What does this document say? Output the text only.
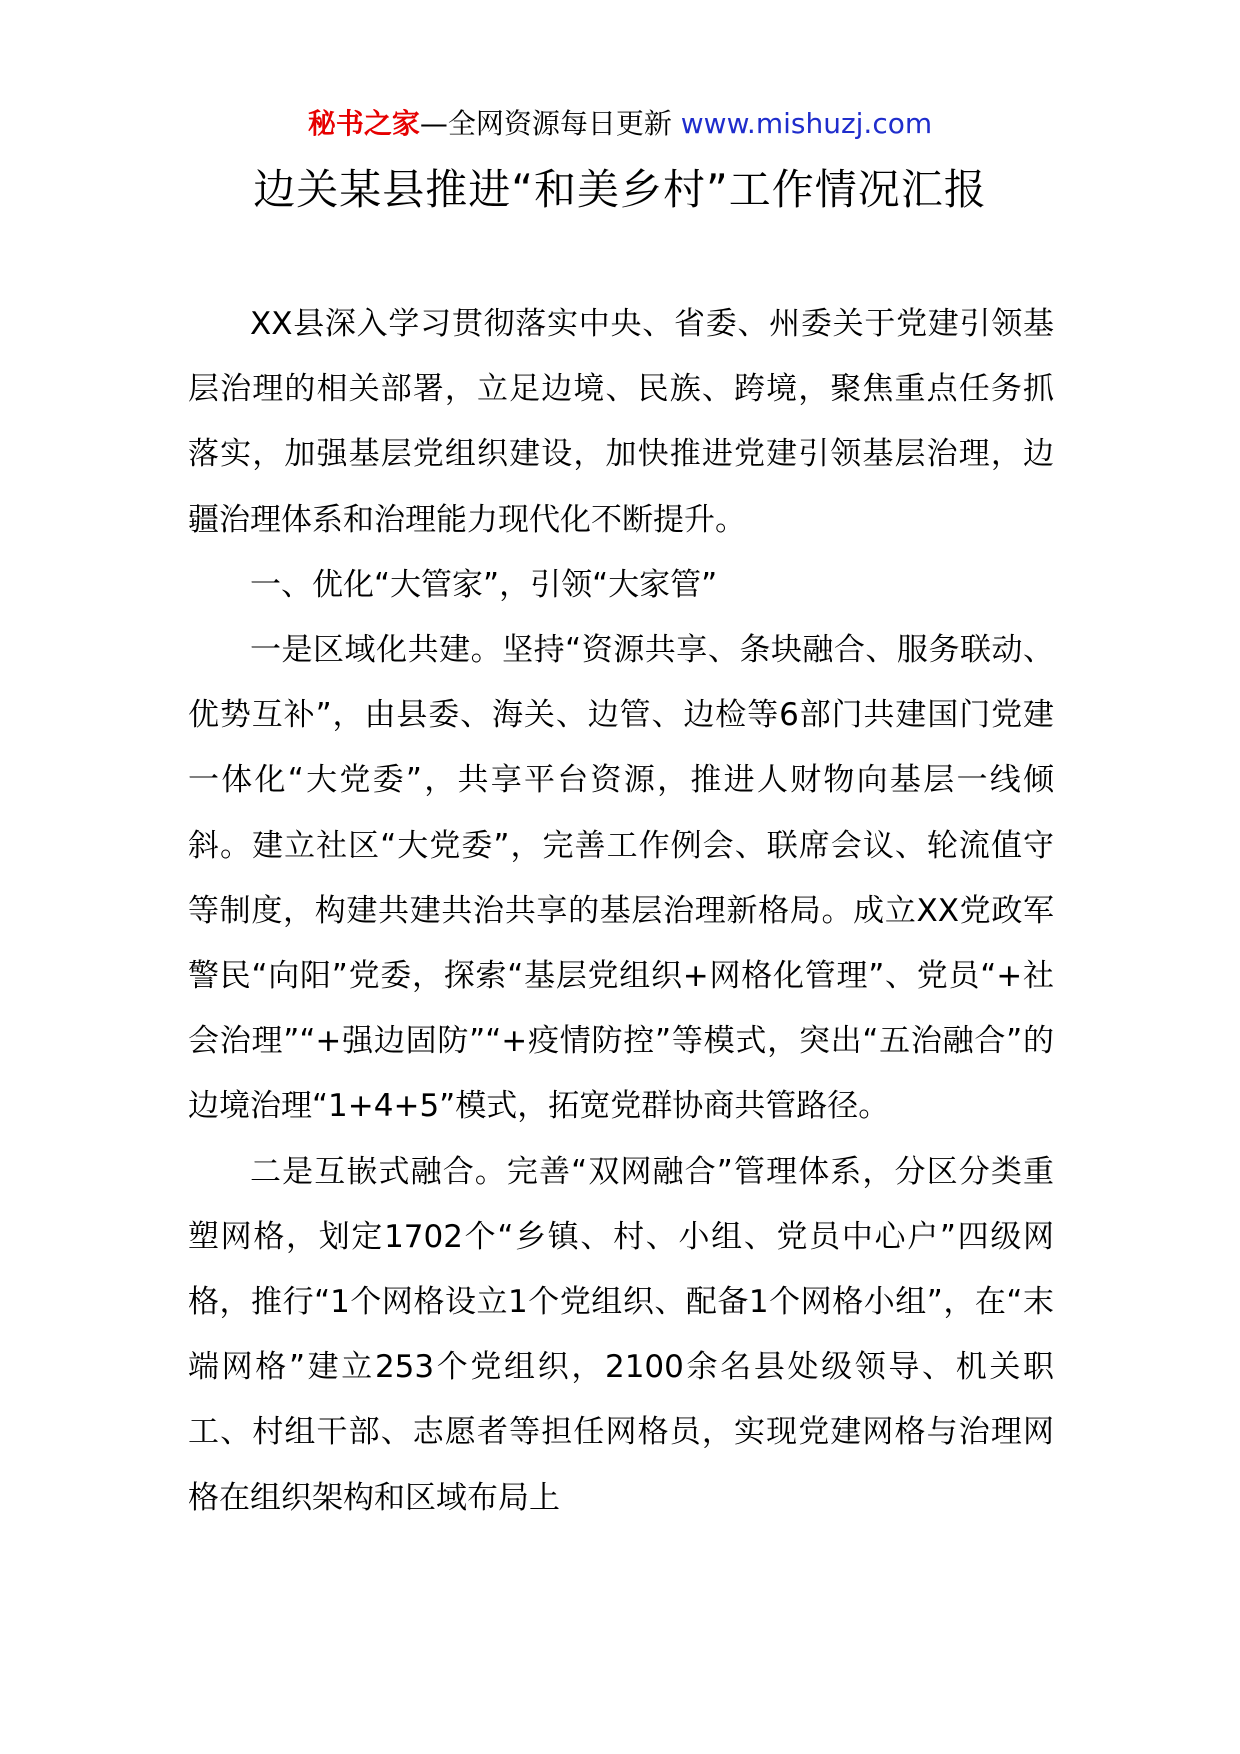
秘书之家—全网资源每日更新 www.mishuzj.com
边关某县推进“和美乡村”工作情况汇报

XX县深入学习贯彻落实中央、省委、州委关于党建引领基层治理的相关部署，立足边境、民族、跨境，聚焦重点任务抓落实，加强基层党组织建设，加快推进党建引领基层治理，边疆治理体系和治理能力现代化不断提升。

一、优化“大管家”，引领“大家管”

一是区域化共建。坚持“资源共享、条块融合、服务联动、优势互补”，由县委、海关、边管、边检等6部门共建国门党建一体化“大党委”，共享平台资源，推进人财物向基层一线倾斜。建立社区“大党委”，完善工作例会、联席会议、轮流值守等制度，构建共建共治共享的基层治理新格局。成立XX党政军警民“向阳”党委，探索“基层党组织+网格化管理”、党员“+社会治理”“+强边固防”“+疫情防控”等模式，突出“五治融合”的边境治理“1+4+5”模式，拓宽党群协商共管路径。

二是互嵌式融合。完善“双网融合”管理体系，分区分类重塑网格，划定1702个“乡镇、村、小组、党员中心户”四级网格，推行“1个网格设立1个党组织、配备1个网格小组”，在“末端网格”建立253个党组织，2100余名县处级领导、机关职工、村组干部、志愿者等担任网格员，实现党建网格与治理网格在组织架构和区域布局上
